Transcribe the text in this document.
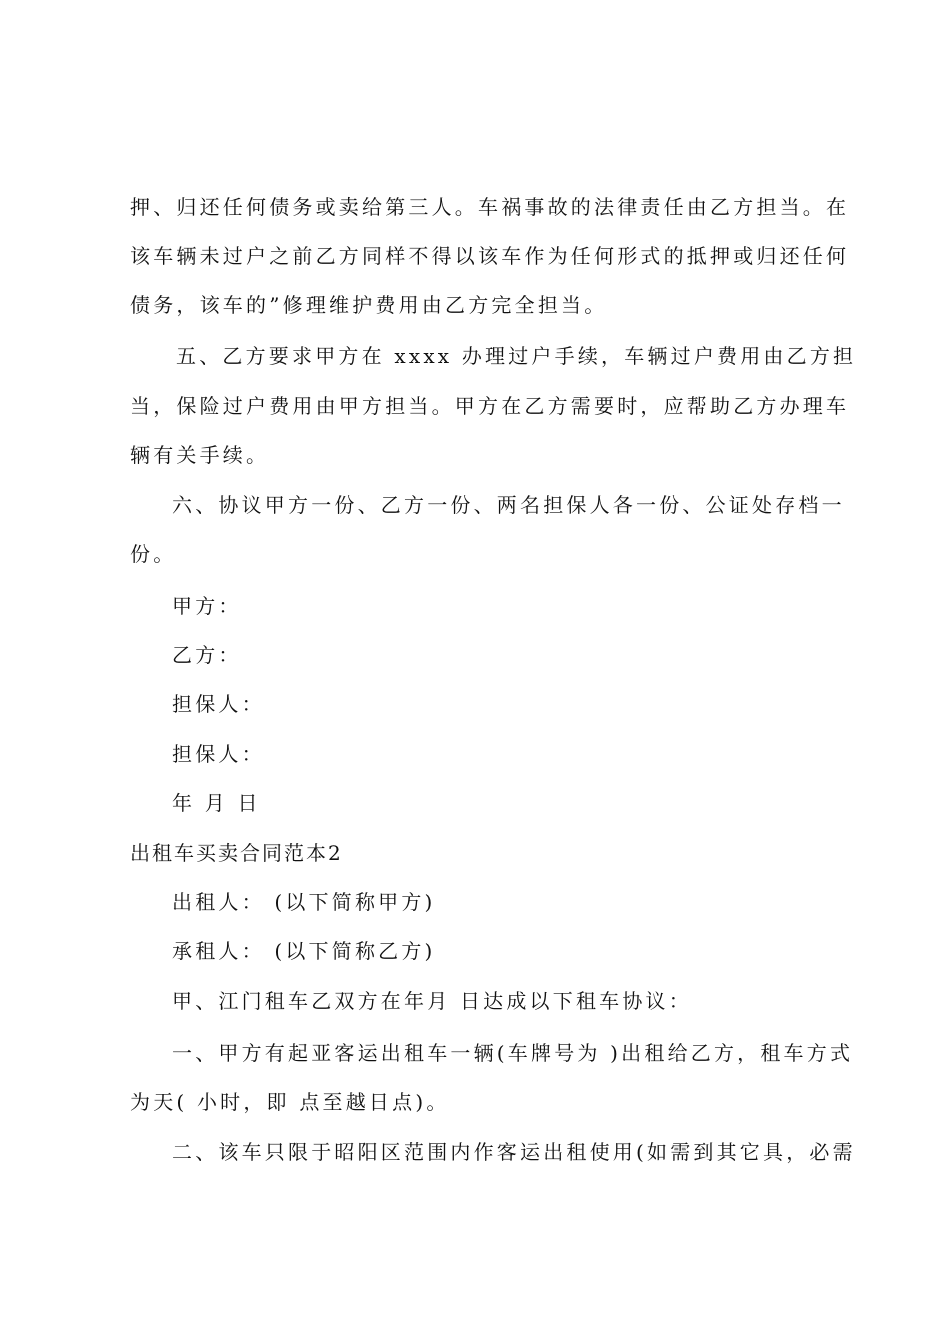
押、归还任何债务或卖给第三人。车祸事故的法律责任由乙方担当。在
该车辆未过户之前乙方同样不得以该车作为任何形式的抵押或归还任何
债务，该车的”修理维护费用由乙方完全担当。
五、乙方要求甲方在 xxxx 办理过户手续，车辆过户费用由乙方担
当，保险过户费用由甲方担当。甲方在乙方需要时，应帮助乙方办理车
辆有关手续。
六、协议甲方一份、乙方一份、两名担保人各一份、公证处存档一
份。
甲方：
乙方：
担保人：
担保人：
年 月 日
出租车买卖合同范本2
出租人： (以下简称甲方)
承租人： (以下简称乙方)
甲、江门租车乙双方在年月 日达成以下租车协议：
一、甲方有起亚客运出租车一辆(车牌号为 )出租给乙方，租车方式
为天( 小时，即 点至越日点)。
二、该车只限于昭阳区范围内作客运出租使用(如需到其它具，必需
